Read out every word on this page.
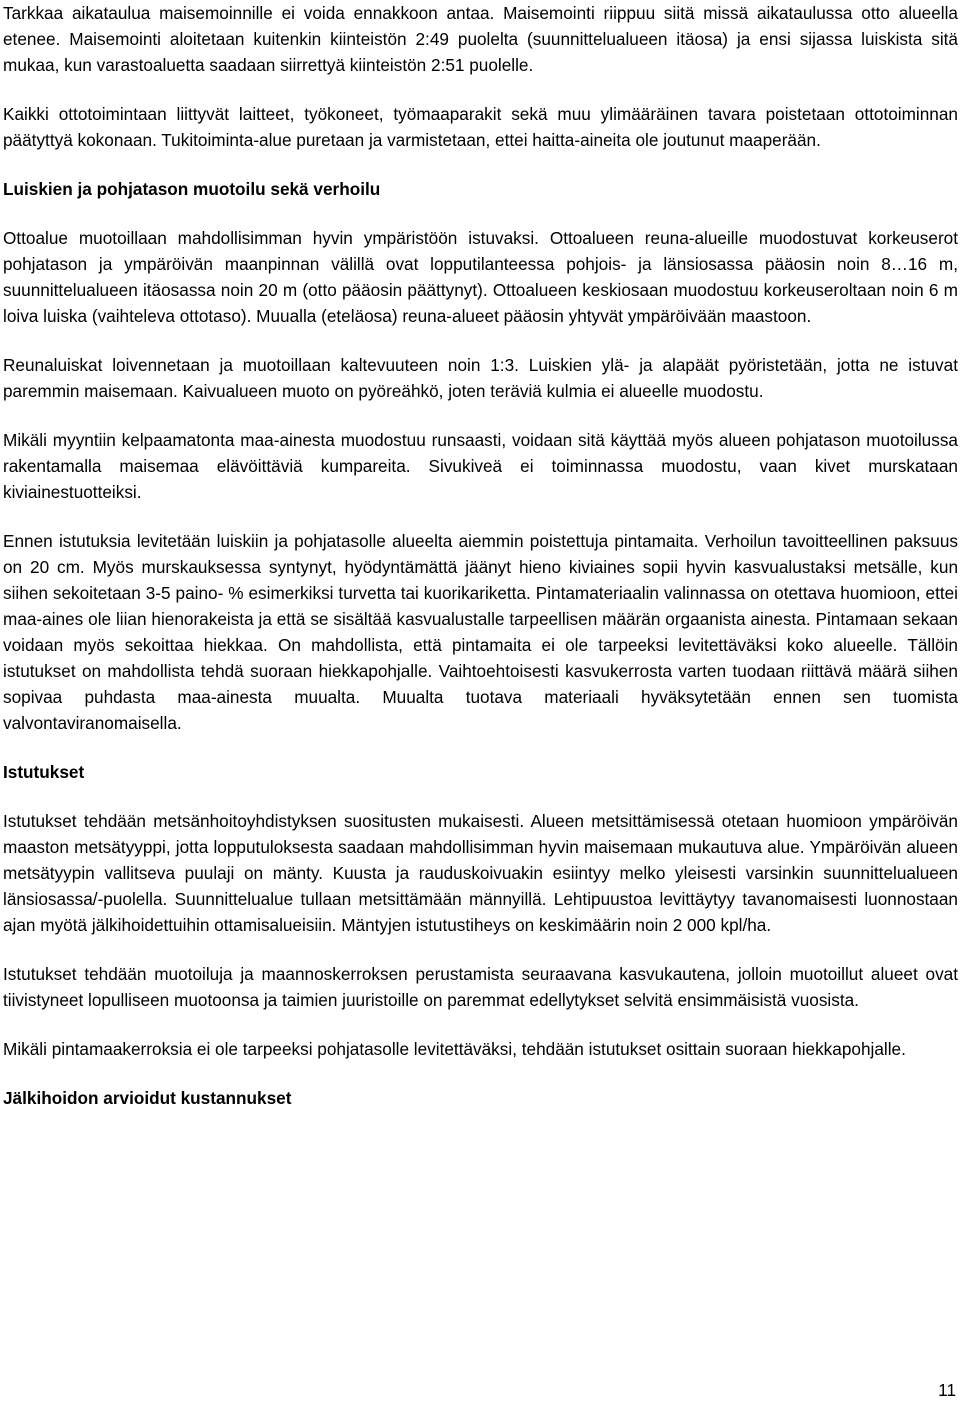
Tarkkaa aikataulua maisemoinnille ei voida ennakkoon antaa. Maisemointi riippuu siitä missä aikataulussa otto alueella etenee. Maisemointi aloitetaan kuitenkin kiinteistön 2:49 puolelta (suunnittelualueen itäosa) ja ensi sijassa luiskista sitä mukaa, kun varastoaluetta saadaan siirrettyä kiinteistön 2:51 puolelle.

Kaikki ottotoimintaan liittyvät laitteet, työkoneet, työmaaparakit sekä muu ylimääräinen tavara poistetaan ottotoiminnan päätyttyä kokonaan. Tukitoiminta-alue puretaan ja varmistetaan, ettei haitta-aineita ole joutunut maaperään.

Luiskien ja pohjatason muotoilu sekä verhoilu

Ottoalue muotoillaan mahdollisimman hyvin ympäristöön istuvaksi. Ottoalueen reuna-alueille muodostuvat korkeuserot pohjatason ja ympäröivän maanpinnan välillä ovat lopputilanteessa pohjois- ja länsiosassa pääosin noin 8…16 m, suunnittelualueen itäosassa noin 20 m (otto pääosin päättynyt). Ottoalueen keskiosaan muodostuu korkeuseroltaan noin 6 m loiva luiska (vaihteleva ottotaso). Muualla (eteläosa) reuna-alueet pääosin yhtyvät ympäröivään maastoon.

Reunaluiskat loivennetaan ja muotoillaan kaltevuuteen noin 1:3. Luiskien ylä- ja alapäät pyöristetään, jotta ne istuvat paremmin maisemaan. Kaivualueen muoto on pyöreähkö, joten teräviä kulmia ei alueelle muodostu.

Mikäli myyntiin kelpaamatonta maa-ainesta muodostuu runsaasti, voidaan sitä käyttää myös alueen pohjatason muotoilussa rakentamalla maisemaa elävöittäviä kumpareita. Sivukiveä ei toiminnassa muodostu, vaan kivet murskataan kiviainestuotteiksi.

Ennen istutuksia levitetään luiskiin ja pohjatasolle alueelta aiemmin poistettuja pintamaita. Verhoilun tavoitteellinen paksuus on 20 cm. Myös murskauksessa syntynyt, hyödyntämättä jäänyt hieno kiviaines sopii hyvin kasvualustaksi metsälle, kun siihen sekoitetaan 3-5 paino- % esimerkiksi turvetta tai kuorikariketta. Pintamateriaalin valinnassa on otettava huomioon, ettei maa-aines ole liian hienorakeista ja että se sisältää kasvualustalle tarpeellisen määrän orgaanista ainesta. Pintamaan sekaan voidaan myös sekoittaa hiekkaa. On mahdollista, että pintamaita ei ole tarpeeksi levitettäväksi koko alueelle. Tällöin istutukset on mahdollista tehdä suoraan hiekkapohjalle. Vaihtoehtoisesti kasvukerrosta varten tuodaan riittävä määrä siihen sopivaa puhdasta maa-ainesta muualta. Muualta tuotava materiaali hyväksytetään ennen sen tuomista valvontaviranomaisella.

Istutukset

Istutukset tehdään metsänhoitoyhdistyksen suositusten mukaisesti. Alueen metsittämisessä otetaan huomioon ympäröivän maaston metsätyyppi, jotta lopputuloksesta saadaan mahdollisimman hyvin maisemaan mukautuva alue. Ympäröivän alueen metsätyypin vallitseva puulaji on mänty. Kuusta ja rauduskoivuakin esiintyy melko yleisesti varsinkin suunnittelualueen länsiosassa/-puolella. Suunnittelualue tullaan metsittämään männyillä. Lehtipuustoa levittäytyy tavanomaisesti luonnostaan ajan myötä jälkihoidettuihin ottamisalueisiin. Mäntyjen istutustiheys on keskimäärin noin 2 000 kpl/ha.

Istutukset tehdään muotoiluja ja maannoskerroksen perustamista seuraavana kasvukautena, jolloin muotoillut alueet ovat tiivistyneet lopulliseen muotoonsa ja taimien juuristoille on paremmat edellytykset selvitä ensimmäisistä vuosista.

Mikäli pintamaakerroksia ei ole tarpeeksi pohjatasolle levitettäväksi, tehdään istutukset osittain suoraan hiekkapohjalle.

Jälkihoidon arvioidut kustannukset

11
